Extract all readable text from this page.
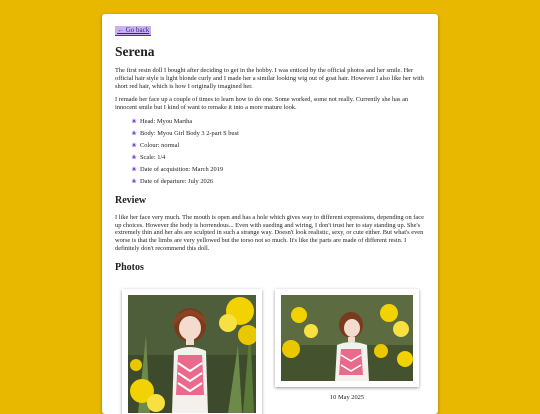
← Go back
Serena

The first resin doll I bought after deciding to get in the hobby. I was enticed by the official photos and her smile. Her official hair style is light blonde curly and I made her a similar looking wig out of goat hair. However I also like her with short red hair, which is how I originally imagined her.

I remade her face up a couple of times to learn how to do one. Some worked, some not really. Currently she has an innocent smile but I kind of want to remake it into a more mature look.

❀ Head: Myou Martha
❀ Body: Myou Girl Body 3 2-part S bust
❀ Colour: normal
❀ Scale: 1/4
❀ Date of acquisition: March 2019
❀ Date of departure: July 2026
Review

I like her face very much. The mouth is open and has a hole which gives way to different expressions, depending on face up choices. However the body is horrendous... Even with sueding and wiring, I don't trust her to stay standing up. She's extremely thin and her abs are sculpted in such a strange way. Doesn't look realistic, sexy, or cute either. But what's even worse is that the limbs are very yellowed but the torso not so much. It's like the parts are made of different resin. I definitely don't recommend this doll.

Photos
10 May 2025
